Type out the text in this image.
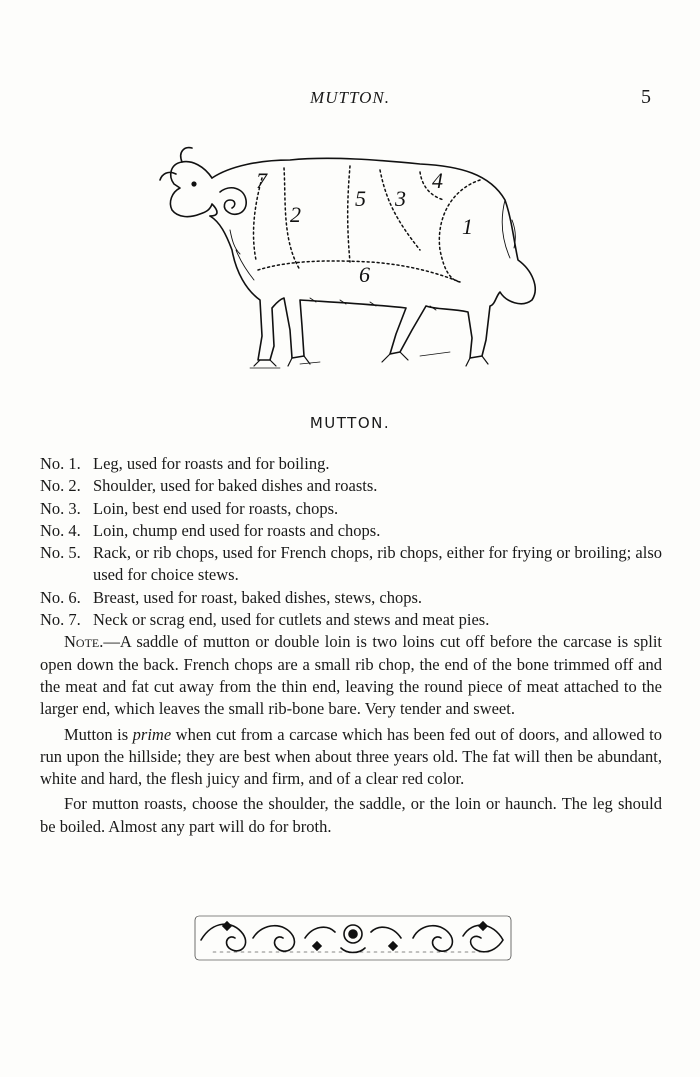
MUTTON.	5
1
2
3
4
5
6
7
MUTTON.
No. 1. Leg, used for roasts and for boiling.
No. 2. Shoulder, used for baked dishes and roasts.
No. 3. Loin, best end used for roasts, chops.
No. 4. Loin, chump end used for roasts and chops.
No. 5. Rack, or rib chops, used for French chops, rib chops, either for frying or broiling; also used for choice stews.
No. 6. Breast, used for roast, baked dishes, stews, chops.
No. 7. Neck or scrag end, used for cutlets and stews and meat pies.

Note.—A saddle of mutton or double loin is two loins cut off before the carcase is split open down the back. French chops are a small rib chop, the end of the bone trimmed off and the meat and fat cut away from the thin end, leaving the round piece of meat attached to the larger end, which leaves the small rib-bone bare. Very tender and sweet.

Mutton is prime when cut from a carcase which has been fed out of doors, and allowed to run upon the hillside; they are best when about three years old. The fat will then be abundant, white and hard, the flesh juicy and firm, and of a clear red color.

For mutton roasts, choose the shoulder, the saddle, or the loin or haunch. The leg should be boiled. Almost any part will do for broth.
